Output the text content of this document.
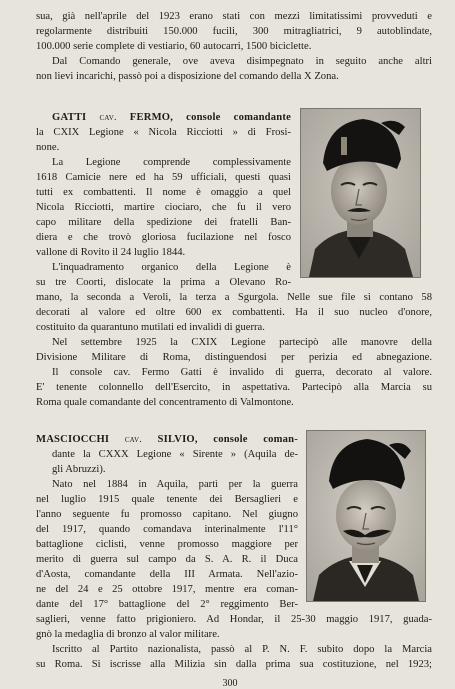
sua, già nell'aprile del 1923 erano stati con mezzi limitatissimi provveduti e
regolarmente distribuiti 150.000 fucili, 300 mitragliatrici, 9 autoblindate,
100.000 serie complete di vestiario, 60 autocarri, 1500 biciclette.
Dal Comando generale, ove aveva disimpegnato in seguito anche altri
non lievi incarichi, passò poi a disposizione del comando della X Zona.
GATTI cav. FERMO, console comandante
la CXIX Legione « Nicola Ricciotti » di Frosi-
none.
La Legione comprende complessivamente
1618 Camicie nere ed ha 59 ufficiali, questi quasi
tutti ex combattenti. Il nome è omaggio a quel
Nicola Ricciotti, martire ciociaro, che fu il vero
capo militare della spedizione dei fratelli Ban-
diera e che trovò gloriosa fucilazione nel fosco
vallone di Rovito il 24 luglio 1844.
L'inquadramento organico della Legione è
su tre Coorti, dislocate la prima a Olevano Ro-
mano, la seconda a Veroli, la terza a Sgurgola. Nelle sue file si contano 58
decorati al valore ed oltre 600 ex combattenti. Ha il suo nucleo d'onore,
costituito da quarantuno mutilati ed invalidi di guerra.
Nel settembre 1925 la CXIX Legione partecipò alle manovre della
Divisione Militare di Roma, distinguendosi per perizia ed abnegazione.
Il console cav. Fermo Gatti è invalido di guerra, decorato al valore.
E' tenente colonnello dell'Esercito, in aspettativa. Partecipò alla Marcia su
Roma quale comandante del concentramento di Valmontone.
MASCIOCCHI cav. SILVIO, console coman-
dante la CXXX Legione « Sirente » (Aquila de-
gli Abruzzi).
Nato nel 1884 in Aquila, partì per la guerra
nel luglio 1915 quale tenente dei Bersaglieri e
l'anno seguente fu promosso capitano. Nel giugno
del 1917, quando comandava interinalmente l'11°
battaglione ciclisti, venne promosso maggiore per
merito di guerra sul campo da S. A. R. il Duca
d'Aosta, comandante della III Armata. Nell'azio-
ne del 24 e 25 ottobre 1917, mentre era coman-
dante del 17° battaglione del 2° reggimento Ber-
saglieri, venne fatto prigioniero. Ad Hondar, il 25-30 maggio 1917, guada-
gnò la medaglia di bronzo al valor militare.
Iscritto al Partito nazionalista, passò al P. N. F. subito dopo la Marcia
su Roma. Si iscrisse alla Milizia sin dalla prima sua costituzione, nel 1923;
300
